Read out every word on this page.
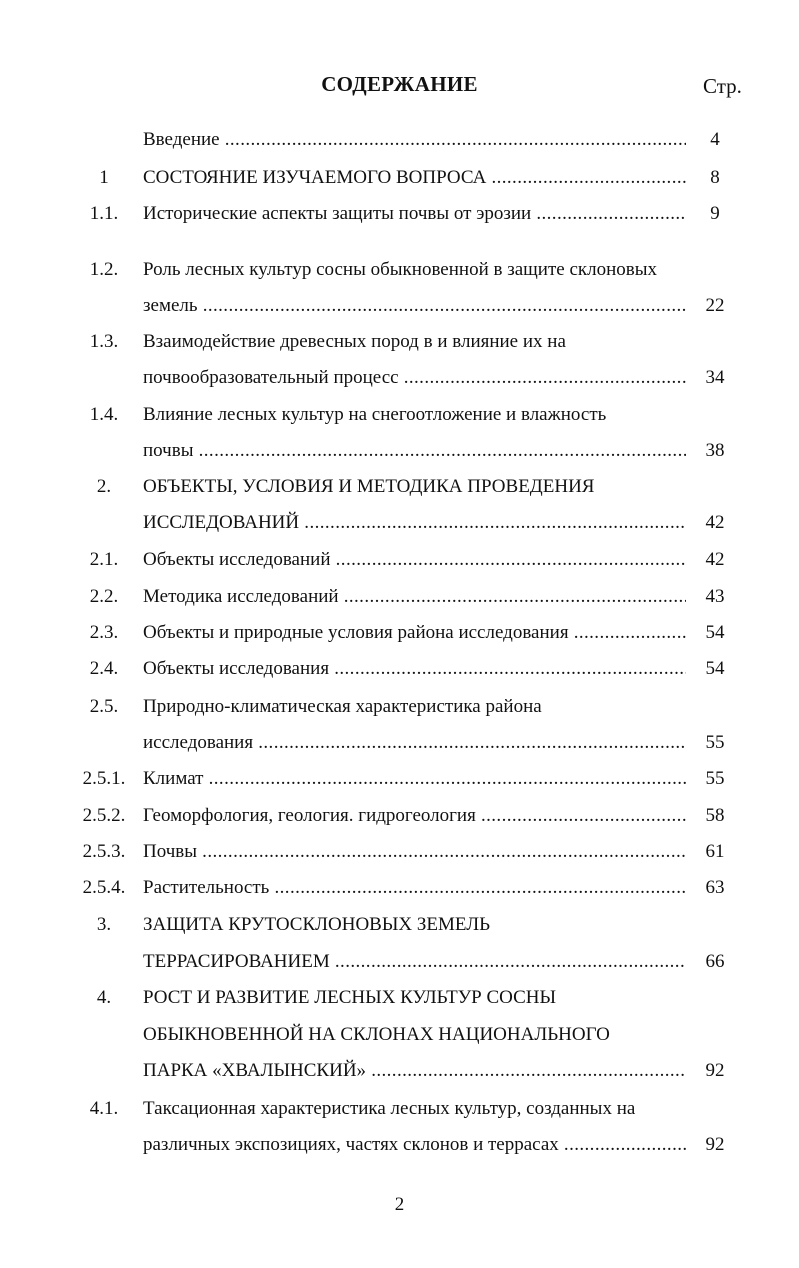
СОДЕРЖАНИЕ	Стр.
Введение .....	4
1	СОСТОЯНИЕ ИЗУЧАЕМОГО ВОПРОСА .....	8
1.1.	Исторические аспекты защиты почвы от эрозии .....	9
1.2.	Роль лесных культур сосны обыкновенной в защите склоновых
земель .....	22
1.3.	Взаимодействие древесных пород в и влияние их на
почвообразовательный процесс .....	34
1.4.	Влияние лесных культур на снегоотложение и влажность
почвы .....	38
2.	ОБЪЕКТЫ, УСЛОВИЯ И МЕТОДИКА ПРОВЕДЕНИЯ
ИССЛЕДОВАНИЙ .....	42
2.1.	Объекты исследований .....	42
2.2.	Методика исследований .....	43
2.3.	Объекты и природные условия района исследования .....	54
2.4.	Объекты исследования .....	54
2.5.	Природно-климатическая характеристика района
исследования .....	55
2.5.1. Климат .....	55
2.5.2. Геоморфология, геология. гидрогеология .....	58
2.5.3. Почвы .....	61
2.5.4. Растительность .....	63
3.	ЗАЩИТА КРУТОСКЛОНОВЫХ ЗЕМЕЛЬ
ТЕРРАСИРОВАНИЕМ .....	66
4.	РОСТ И РАЗВИТИЕ ЛЕСНЫХ КУЛЬТУР СОСНЫ
ОБЫКНОВЕННОЙ НА СКЛОНАХ НАЦИОНАЛЬНОГО
ПАРКА «ХВАЛЫНСКИЙ» .....	92
4.1.	Таксационная характеристика лесных культур, созданных на
различных экспозициях, частях склонов и террасах .....	92
2
